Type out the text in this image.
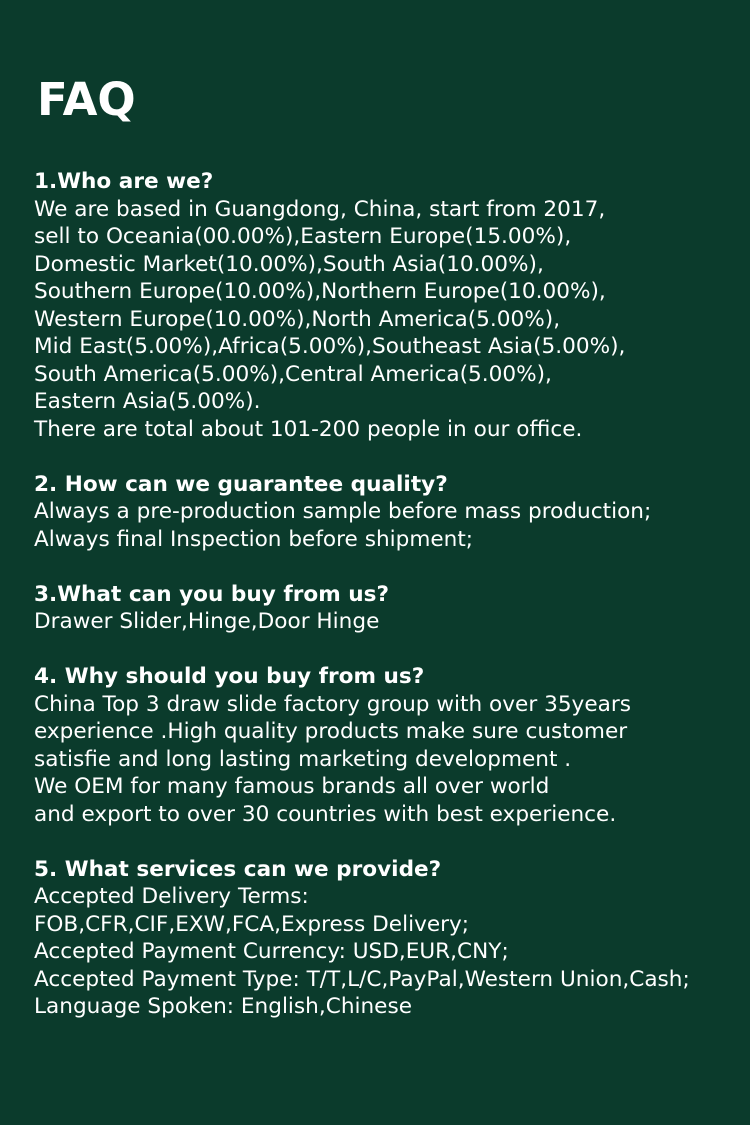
FAQ

1.Who are we?

We are based in Guangdong, China, start from 2017,

sell to Oceania(00.00%),Eastern Europe(15.00%),

Domestic Market(10.00%),South Asia(10.00%),

Southern Europe(10.00%),Northern Europe(10.00%),

Western Europe(10.00%),North America(5.00%),

Mid East(5.00%),Africa(5.00%),Southeast Asia(5.00%),

South America(5.00%),Central America(5.00%),

Eastern Asia(5.00%).

There are total about 101-200 people in our office.

2. How can we guarantee quality?

Always a pre-production sample before mass production;

Always final Inspection before shipment;

3.What can you buy from us?

Drawer Slider,Hinge,Door Hinge

4. Why should you buy from us?

China Top 3 draw slide factory group with over 35years

experience .High quality products make sure customer

satisfie and long lasting marketing development .

We OEM for many famous brands all over world

and export to over 30 countries with best experience.

5. What services can we provide?

Accepted Delivery Terms:

FOB,CFR,CIF,EXW,FCA,Express Delivery;

Accepted Payment Currency: USD,EUR,CNY;

Accepted Payment Type: T/T,L/C,PayPal,Western Union,Cash;

Language Spoken: English,Chinese
